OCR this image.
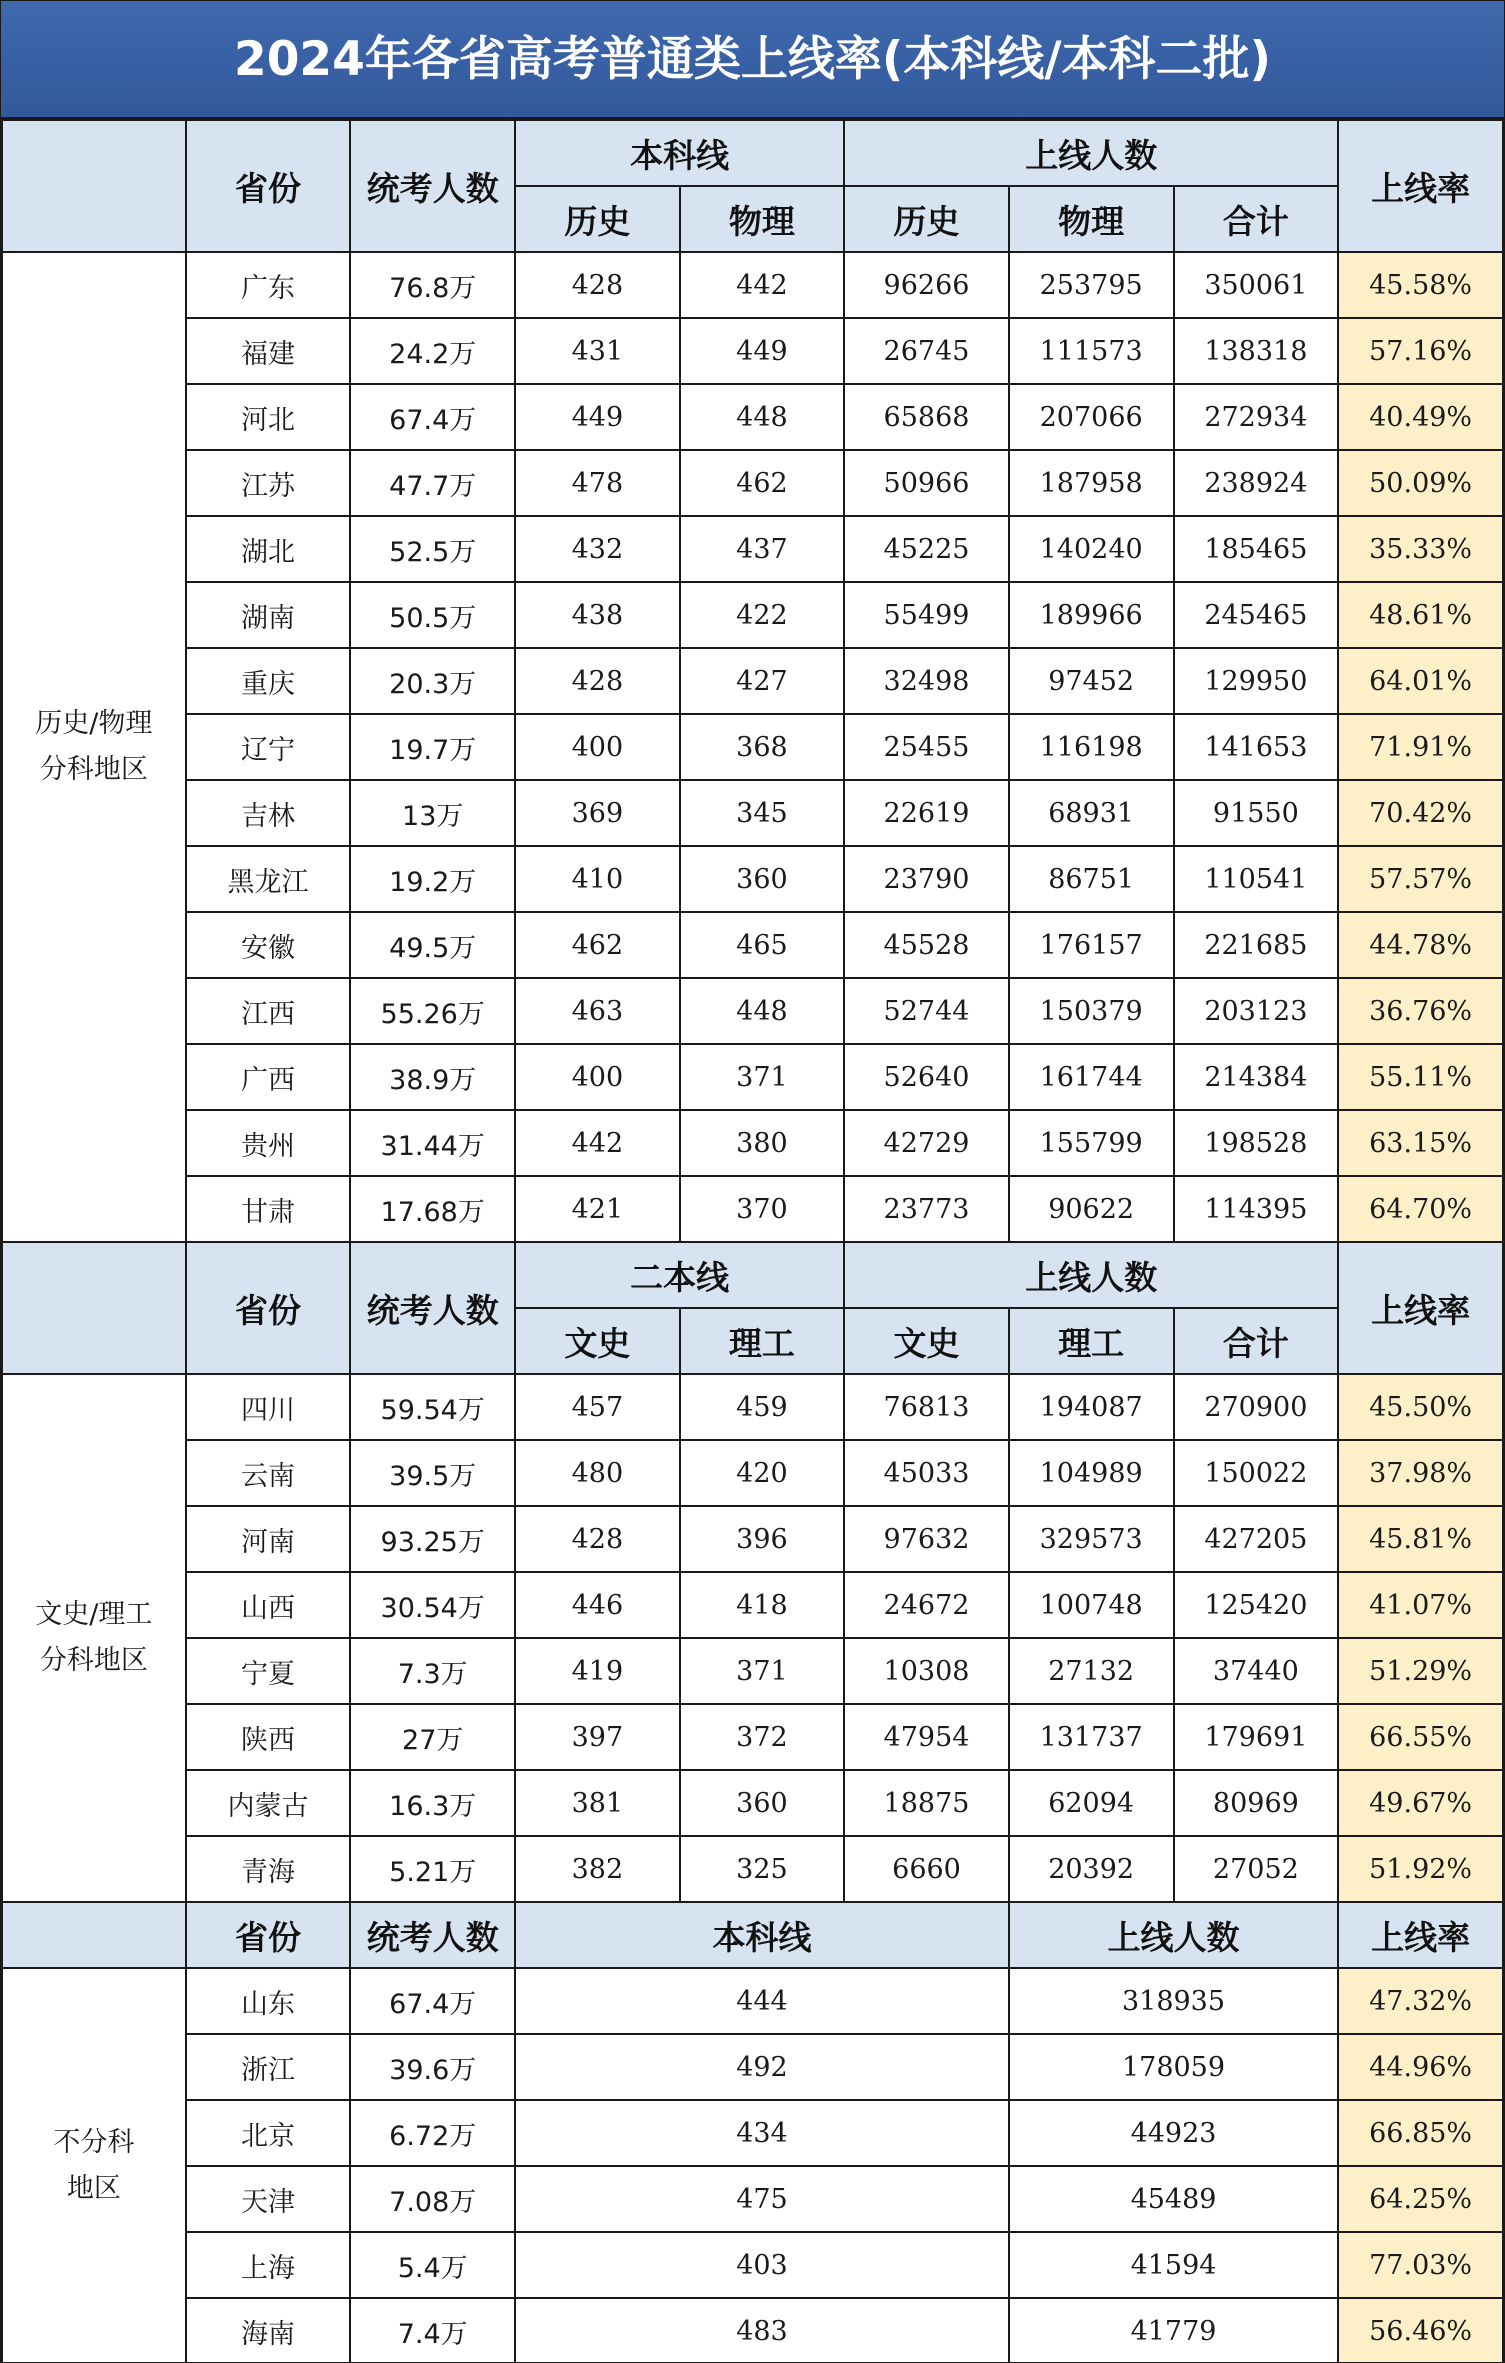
2024年各省高考普通类上线率(本科线/本科二批)
	省份	统考人数	本科线		上线人数			上线率
			历史	物理	历史	物理	合计	
历史/物理分科地区	广东	76.8万	428	442	96266	253795	350061	45.58%
	福建	24.2万	431	449	26745	111573	138318	57.16%
	河北	67.4万	449	448	65868	207066	272934	40.49%
	江苏	47.7万	478	462	50966	187958	238924	50.09%
	湖北	52.5万	432	437	45225	140240	185465	35.33%
	湖南	50.5万	438	422	55499	189966	245465	48.61%
	重庆	20.3万	428	427	32498	97452	129950	64.01%
	辽宁	19.7万	400	368	25455	116198	141653	71.91%
	吉林	13万	369	345	22619	68931	91550	70.42%
	黑龙江	19.2万	410	360	23790	86751	110541	57.57%
	安徽	49.5万	462	465	45528	176157	221685	44.78%
	江西	55.26万	463	448	52744	150379	203123	36.76%
	广西	38.9万	400	371	52640	161744	214384	55.11%
	贵州	31.44万	442	380	42729	155799	198528	63.15%
	甘肃	17.68万	421	370	23773	90622	114395	64.70%
	省份	统考人数	二本线		上线人数			上线率
			文史	理工	文史	理工	合计	
文史/理工分科地区	四川	59.54万	457	459	76813	194087	270900	45.50%
	云南	39.5万	480	420	45033	104989	150022	37.98%
	河南	93.25万	428	396	97632	329573	427205	45.81%
	山西	30.54万	446	418	24672	100748	125420	41.07%
	宁夏	7.3万	419	371	10308	27132	37440	51.29%
	陕西	27万	397	372	47954	131737	179691	66.55%
	内蒙古	16.3万	381	360	18875	62094	80969	49.67%
	青海	5.21万	382	325	6660	20392	27052	51.92%
	省份	统考人数	本科线			上线人数		上线率
不分科地区	山东	67.4万	444			318935		47.32%
	浙江	39.6万	492			178059		44.96%
	北京	6.72万	434			44923		66.85%
	天津	7.08万	475			45489		64.25%
	上海	5.4万	403			41594		77.03%
	海南	7.4万	483			41779		56.46%
